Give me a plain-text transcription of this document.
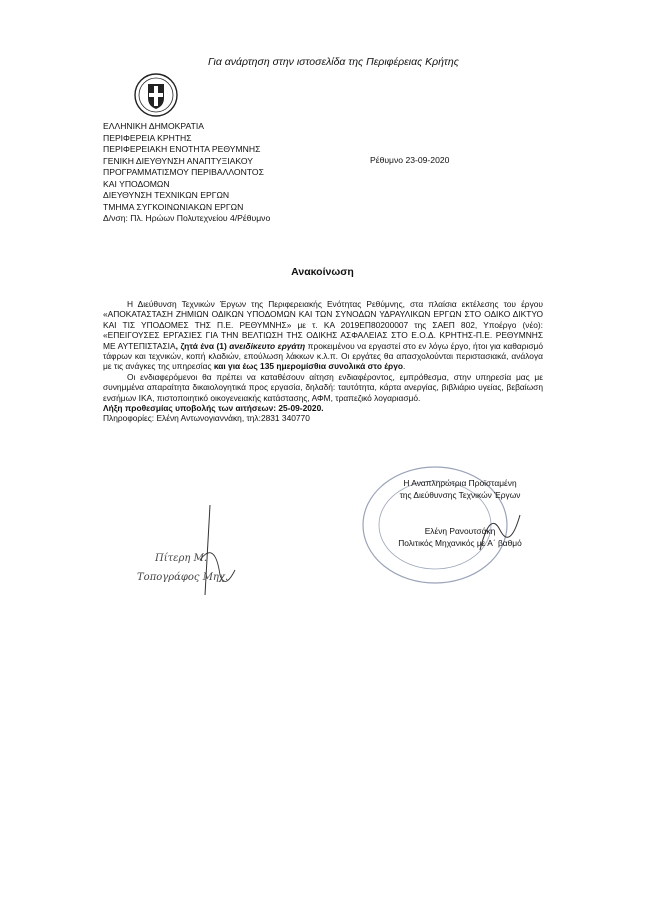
Για ανάρτηση στην ιστοσελίδα της Περιφέρειας Κρήτης
ΕΛΛΗΝΙΚΗ ΔΗΜΟΚΡΑΤΙΑ
ΠΕΡΙΦΕΡΕΙΑ ΚΡΗΤΗΣ
ΠΕΡΙΦΕΡΕΙΑΚΗ ΕΝΟΤΗΤΑ ΡΕΘΥΜΝΗΣ
ΓΕΝΙΚΗ ΔΙΕΥΘΥΝΣΗ ΑΝΑΠΤΥΞΙΑΚΟΥ
ΠΡΟΓΡΑΜΜΑΤΙΣΜΟΥ ΠΕΡΙΒΑΛΛΟΝΤΟΣ
ΚΑΙ ΥΠΟΔΟΜΩΝ
ΔΙΕΥΘΥΝΣΗ ΤΕΧΝΙΚΩΝ ΕΡΓΩΝ
ΤΜΗΜΑ ΣΥΓΚΟΙΝΩΝΙΑΚΩΝ ΕΡΓΩΝ
Δ/νση: Πλ. Ηρώων Πολυτεχνείου 4/Ρέθυμνο
Ρέθυμνο 23-09-2020
Ανακοίνωση

Η Διεύθυνση Τεχνικών Έργων της Περιφερειακής Ενότητας Ρεθύμνης, στα πλαίσια εκτέλεσης του έργου «ΑΠΟΚΑΤΑΣΤΑΣΗ ΖΗΜΙΩΝ ΟΔΙΚΩΝ ΥΠΟΔΟΜΩΝ ΚΑΙ ΤΩΝ ΣΥΝΟΔΩΝ ΥΔΡΑΥΛΙΚΩΝ ΕΡΓΩΝ ΣΤΟ ΟΔΙΚΟ ΔΙΚΤΥΟ ΚΑΙ ΤΙΣ ΥΠΟΔΟΜΕΣ ΤΗΣ Π.Ε. ΡΕΘΥΜΝΗΣ» με τ. ΚΑ 2019ΕΠ80200007 της ΣΑΕΠ 802, Υποέργο (νέο): «ΕΠΕΙΓΟΥΣΕΣ ΕΡΓΑΣΙΕΣ ΓΙΑ ΤΗΝ ΒΕΛΤΙΩΣΗ ΤΗΣ ΟΔΙΚΗΣ ΑΣΦΑΛΕΙΑΣ ΣΤΟ Ε.Ο.Δ. ΚΡΗΤΗΣ-Π.Ε. ΡΕΘΥΜΝΗΣ ΜΕ ΑΥΤΕΠΙΣΤΑΣΙΑ, ζητά ένα (1) ανειδίκευτο εργάτη προκειμένου να εργαστεί στο εν λόγω έργο, ήτοι για καθαρισμό τάφρων και τεχνικών, κοπή κλαδιών, επούλωση λάκκων κ.λ.π. Οι εργάτες θα απασχολούνται περιστασιακά, ανάλογα με τις ανάγκες της υπηρεσίας και για έως 135 ημερομίσθια συνολικά στο έργο.

Οι ενδιαφερόμενοι θα πρέπει να καταθέσουν αίτηση ενδιαφέροντος, εμπρόθεσμα, στην υπηρεσία μας με συνημμένα απαραίτητα δικαιολογητικά προς εργασία, δηλαδή: ταυτότητα, κάρτα ανεργίας, βιβλιάριο υγείας, βεβαίωση ενσήμων ΙΚΑ, πιστοποιητικό οικογενειακής κατάστασης, ΑΦΜ, τραπεζικό λογαριασμό.

Λήξη προθεσμίας υποβολής των αιτήσεων: 25-09-2020.

Πληροφορίες: Ελένη Αντωνογιαννάκη, τηλ:2831 340770

Η Αναπληρώτρια Προϊσταμένη
της Διεύθυνσης Τεχνικών Έργων
Ελένη Ρανουτσάκη
Πολιτικός Μηχανικός με Α΄ βαθμό
Πίτερη Μ.
Τοπογράφος Μηχ.
